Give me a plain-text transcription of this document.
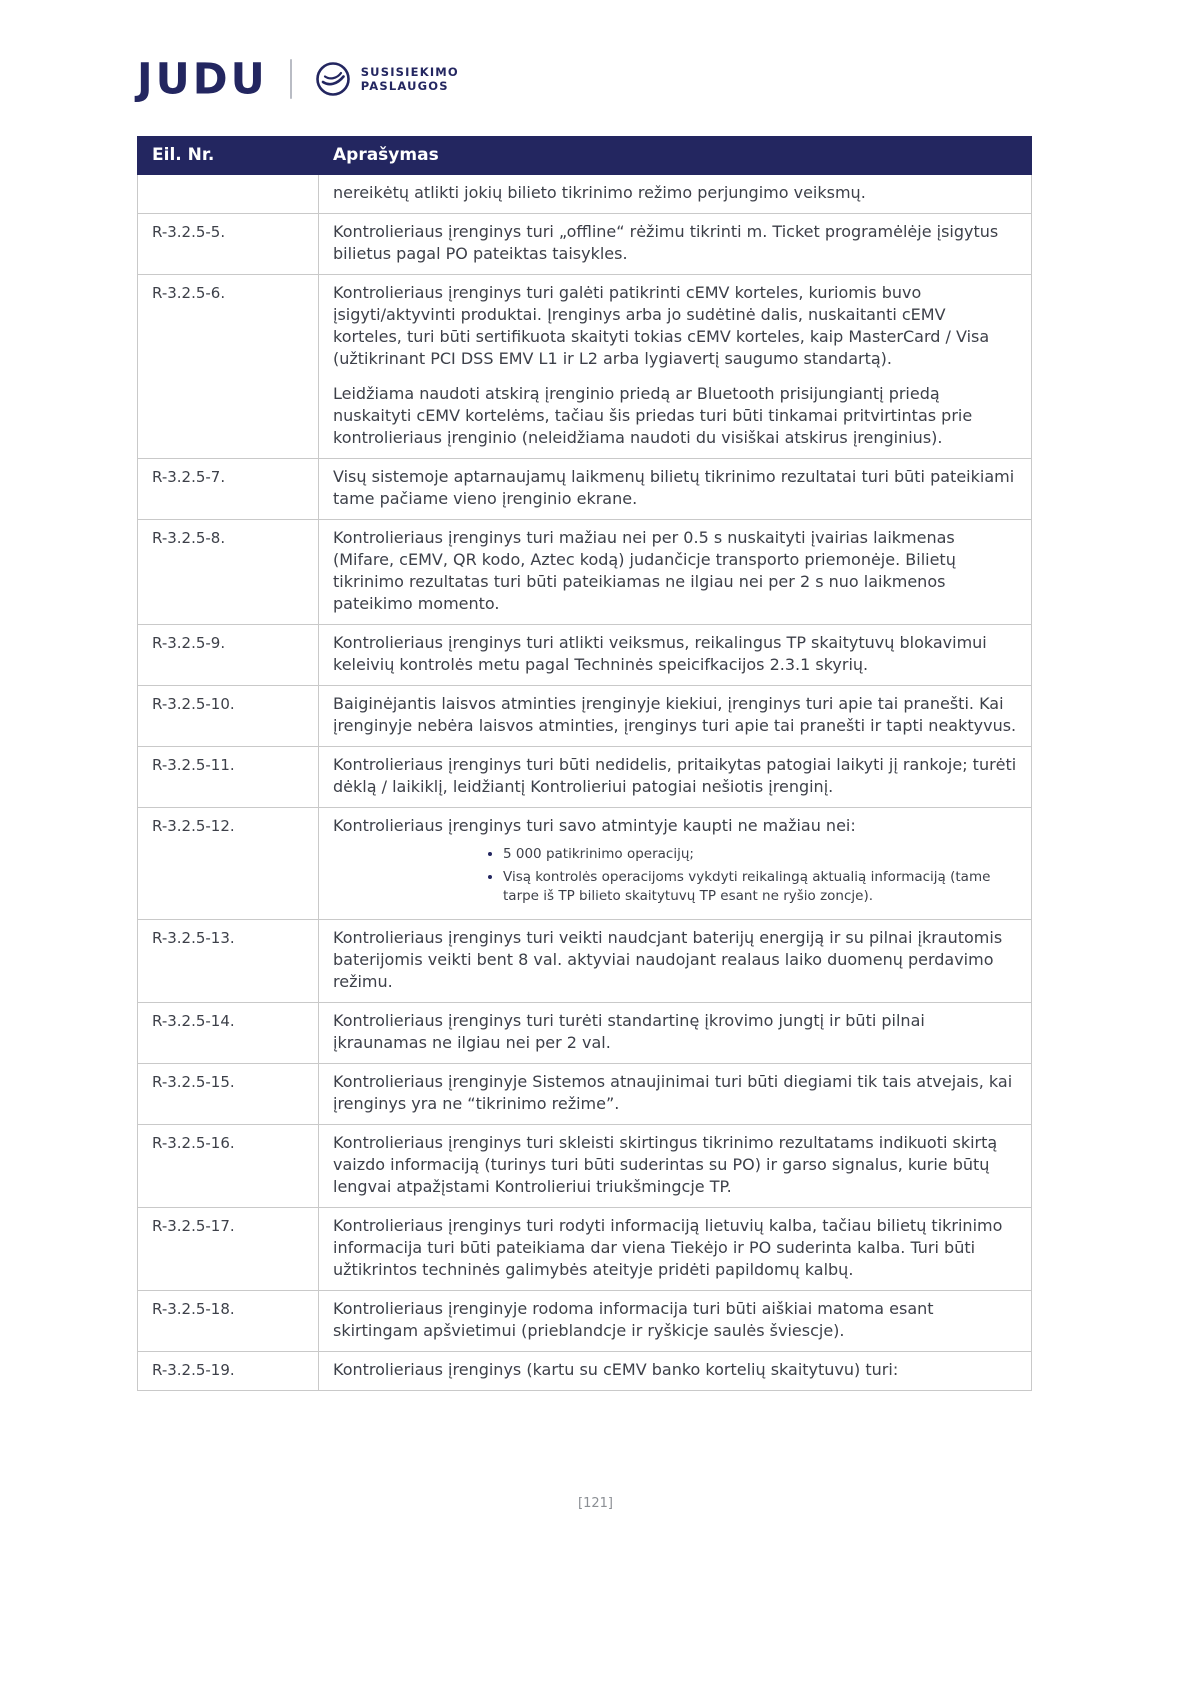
JUDU	SUSISIEKIMO
PASLAUGOS
Eil. Nr.	Aprašymas

	nereikėtų atlikti jokių bilieto tikrinimo režimo perjungimo veiksmų.

R-3.2.5-5.	Kontrolieriaus įrenginys turi „offline“ rėžimu tikrinti m. Ticket programėlėje įsigytus bilietus pagal PO pateiktas taisykles.

R-3.2.5-6.	Kontrolieriaus įrenginys turi galėti patikrinti cEMV korteles, kuriomis buvo įsigyti/aktyvinti produktai. Įrenginys arba jo sudėtinė dalis, nuskaitanti cEMV korteles, turi būti sertifikuota skaityti tokias cEMV korteles, kaip MasterCard / Visa (užtikrinant PCI DSS EMV L1 ir L2 arba lygiavertį saugumo standartą).

Leidžiama naudoti atskirą įrenginio priedą ar Bluetooth prisijungiantį priedą nuskaityti cEMV kortelėms, tačiau šis priedas turi būti tinkamai pritvirtintas prie kontrolieriaus įrenginio (neleidžiama naudoti du visiškai atskirus įrenginius).

R-3.2.5-7.	Visų sistemoje aptarnaujamų laikmenų bilietų tikrinimo rezultatai turi būti pateikiami tame pačiame vieno įrenginio ekrane.

R-3.2.5-8.	Kontrolieriaus įrenginys turi mažiau nei per 0.5 s nuskaityti įvairias laikmenas (Mifare, cEMV, QR kodo, Aztec kodą) judančicje transporto priemonėje. Bilietų tikrinimo rezultatas turi būti pateikiamas ne ilgiau nei per 2 s nuo laikmenos pateikimo momento.

R-3.2.5-9.	Kontrolieriaus įrenginys turi atlikti veiksmus, reikalingus TP skaitytuvų blokavimui keleivių kontrolės metu pagal Techninės speicifkacijos 2.3.1 skyrių.

R-3.2.5-10.	Baiginėjantis laisvos atminties įrenginyje kiekiui, įrenginys turi apie tai pranešti. Kai įrenginyje nebėra laisvos atminties, įrenginys turi apie tai pranešti ir tapti neaktyvus.

R-3.2.5-11.	Kontrolieriaus įrenginys turi būti nedidelis, pritaikytas patogiai laikyti jį rankoje; turėti dėklą / laikiklį, leidžiantį Kontrolieriui patogiai nešiotis įrenginį.

R-3.2.5-12.	Kontrolieriaus įrenginys turi savo atmintyje kaupti ne mažiau nei:

• 5 000 patikrinimo operacijų;
• Visą kontrolės operacijoms vykdyti reikalingą aktualią informaciją (tame tarpe iš TP bilieto skaitytuvų TP esant ne ryšio zoncje).

R-3.2.5-13.	Kontrolieriaus įrenginys turi veikti naudcjant baterijų energiją ir su pilnai įkrautomis baterijomis veikti bent 8 val. aktyviai naudojant realaus laiko duomenų perdavimo režimu.

R-3.2.5-14.	Kontrolieriaus įrenginys turi turėti standartinę įkrovimo jungtį ir būti pilnai įkraunamas ne ilgiau nei per 2 val.

R-3.2.5-15.	Kontrolieriaus įrenginyje Sistemos atnaujinimai turi būti diegiami tik tais atvejais, kai įrenginys yra ne “tikrinimo režime”.

R-3.2.5-16.	Kontrolieriaus įrenginys turi skleisti skirtingus tikrinimo rezultatams indikuoti skirtą vaizdo informaciją (turinys turi būti suderintas su PO) ir garso signalus, kurie būtų lengvai atpažįstami Kontrolieriui triukšmingcje TP.

R-3.2.5-17.	Kontrolieriaus įrenginys turi rodyti informaciją lietuvių kalba, tačiau bilietų tikrinimo informacija turi būti pateikiama dar viena Tiekėjo ir PO suderinta kalba. Turi būti užtikrintos techninės galimybės ateityje pridėti papildomų kalbų.

R-3.2.5-18.	Kontrolieriaus įrenginyje rodoma informacija turi būti aiškiai matoma esant skirtingam apšvietimui (prieblandcje ir ryškicje saulės šviescje).

R-3.2.5-19.	Kontrolieriaus įrenginys (kartu su cEMV banko kortelių skaitytuvu) turi:

[121]
